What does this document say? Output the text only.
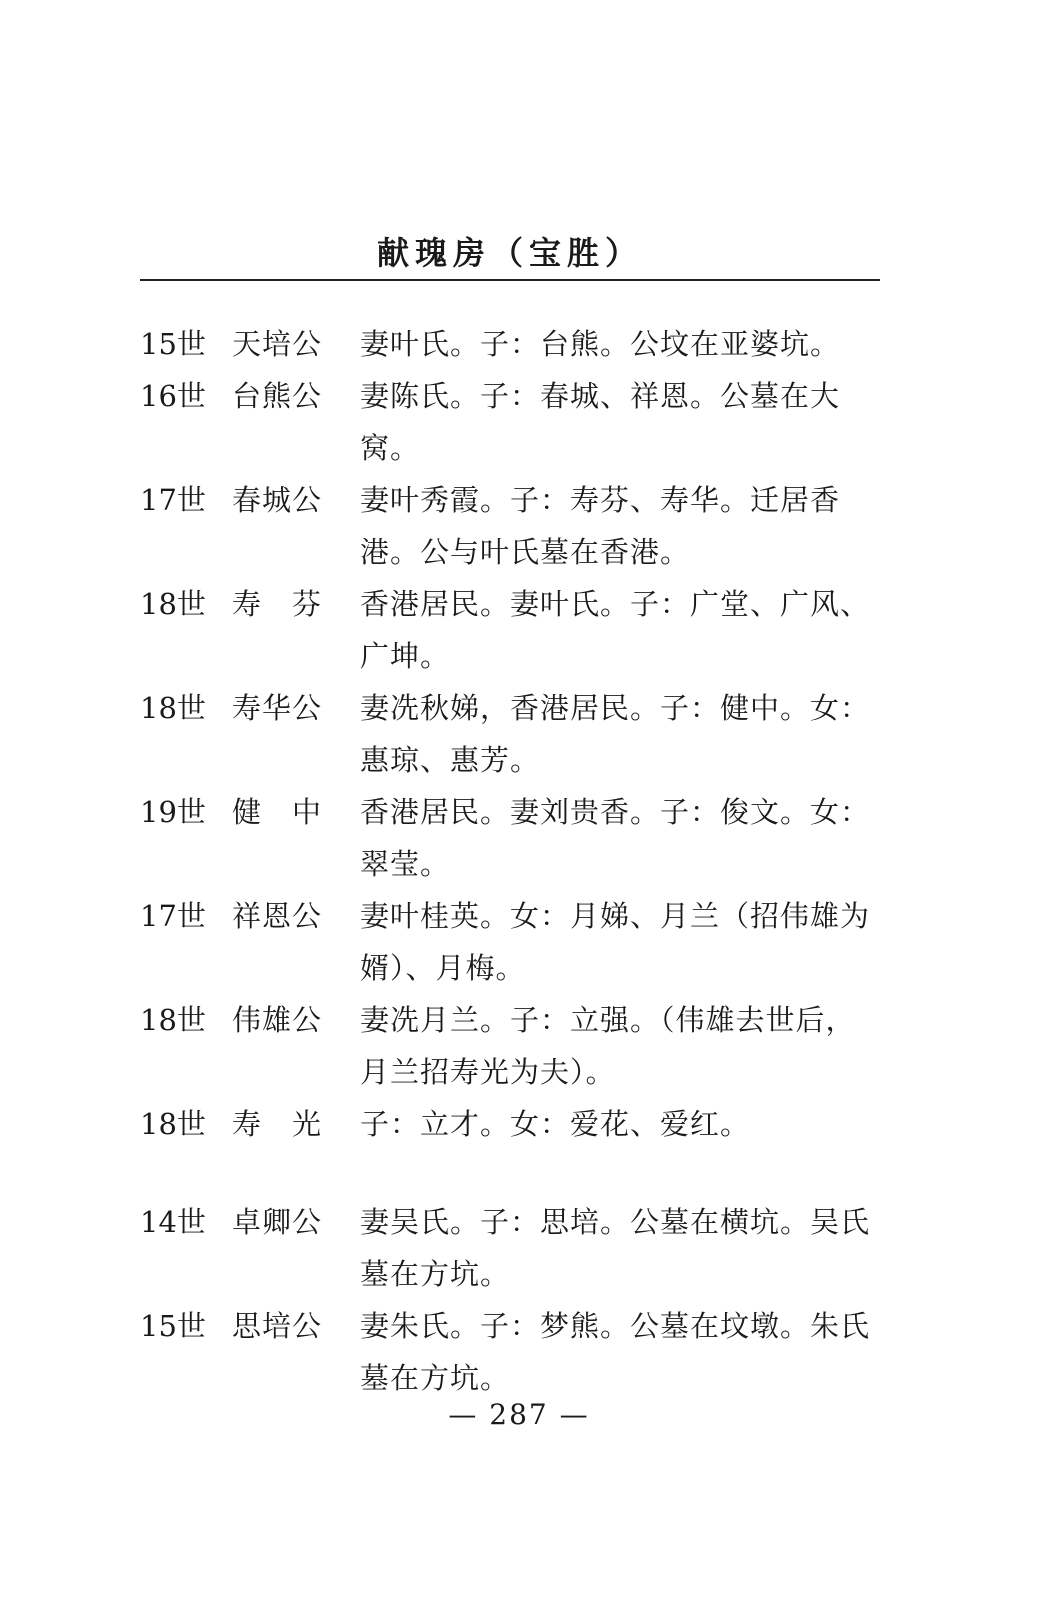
献瑰房（宝胜）
15世 天培公	妻叶氏。子：台熊。公坟在亚婆坑。
16世 台熊公	妻陈氏。子：春城、祥恩。公墓在大窝。
17世 春城公	妻叶秀霞。子：寿芬、寿华。迁居香港。公与叶氏墓在香港。
18世 寿　芬	香港居民。妻叶氏。子：广堂、广风、广坤。
18世 寿华公	妻冼秋娣，香港居民。子：健中。女：惠琼、惠芳。
19世 健　中	香港居民。妻刘贵香。子：俊文。女：翠莹。
17世 祥恩公	妻叶桂英。女：月娣、月兰（招伟雄为婿）、月梅。
18世 伟雄公	妻冼月兰。子：立强。（伟雄去世后，月兰招寿光为夫）。
18世 寿　光	子：立才。女：爱花、爱红。
14世 卓卿公	妻吴氏。子：思培。公墓在横坑。吴氏墓在方坑。
15世 思培公	妻朱氏。子：梦熊。公墓在坟墩。朱氏墓在方坑。
— 287 —
